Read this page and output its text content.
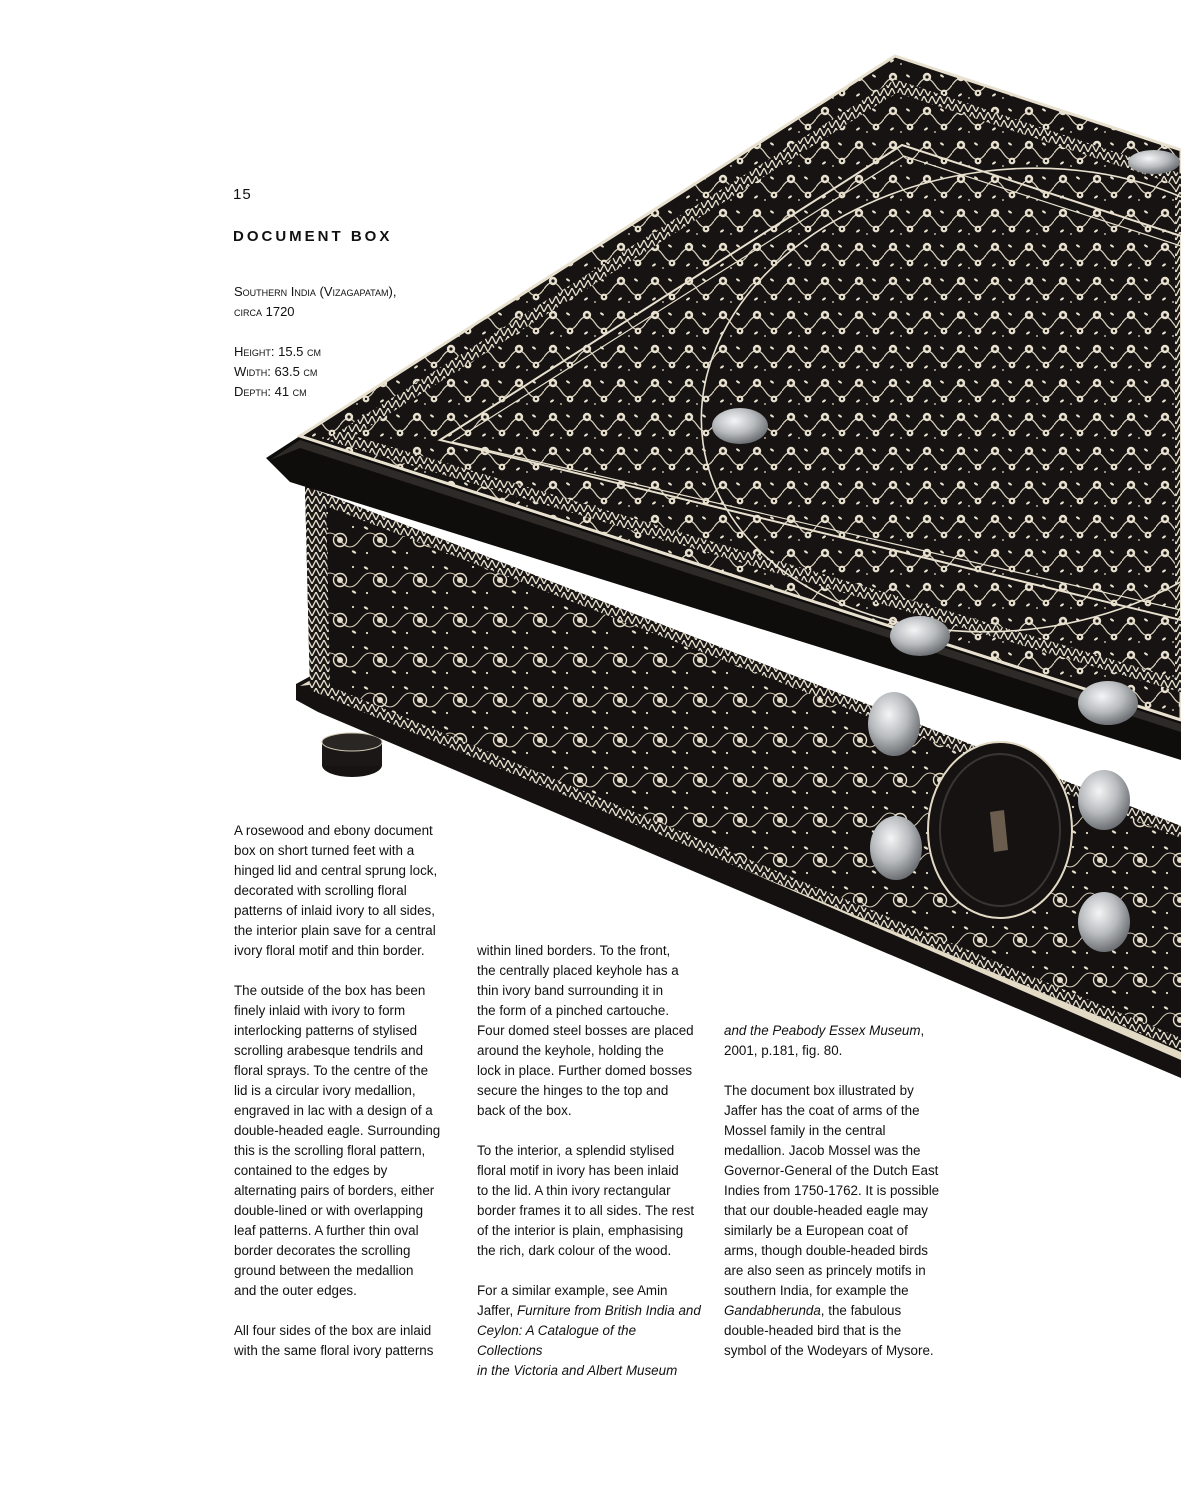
15
DOCUMENT BOX
Southern India (Vizagapatam),
circa 1720
Height: 15.5 cm
Width: 63.5 cm
Depth: 41 cm

A rosewood and ebony document
box on short turned feet with a
hinged lid and central sprung lock,
decorated with scrolling floral
patterns of inlaid ivory to all sides,
the interior plain save for a central
ivory floral motif and thin border.

The outside of the box has been
finely inlaid with ivory to form
interlocking patterns of stylised
scrolling arabesque tendrils and
floral sprays. To the centre of the
lid is a circular ivory medallion,
engraved in lac with a design of a
double-headed eagle. Surrounding
this is the scrolling floral pattern,
contained to the edges by
alternating pairs of borders, either
double-lined or with overlapping
leaf patterns. A further thin oval
border decorates the scrolling
ground between the medallion
and the outer edges.

All four sides of the box are inlaid
with the same floral ivory patterns

within lined borders. To the front,
the centrally placed keyhole has a
thin ivory band surrounding it in
the form of a pinched cartouche.
Four domed steel bosses are placed
around the keyhole, holding the
lock in place. Further domed bosses
secure the hinges to the top and
back of the box.

To the interior, a splendid stylised
floral motif in ivory has been inlaid
to the lid. A thin ivory rectangular
border frames it to all sides. The rest
of the interior is plain, emphasising
the rich, dark colour of the wood.

For a similar example, see Amin
Jaffer, Furniture from British India and
Ceylon: A Catalogue of the Collections
in the Victoria and Albert Museum

and the Peabody Essex Museum,
2001, p.181, fig. 80.

The document box illustrated by
Jaffer has the coat of arms of the
Mossel family in the central
medallion. Jacob Mossel was the
Governor-General of the Dutch East
Indies from 1750-1762. It is possible
that our double-headed eagle may
similarly be a European coat of
arms, though double-headed birds
are also seen as princely motifs in
southern India, for example the
Gandabherunda, the fabulous
double-headed bird that is the
symbol of the Wodeyars of Mysore.
